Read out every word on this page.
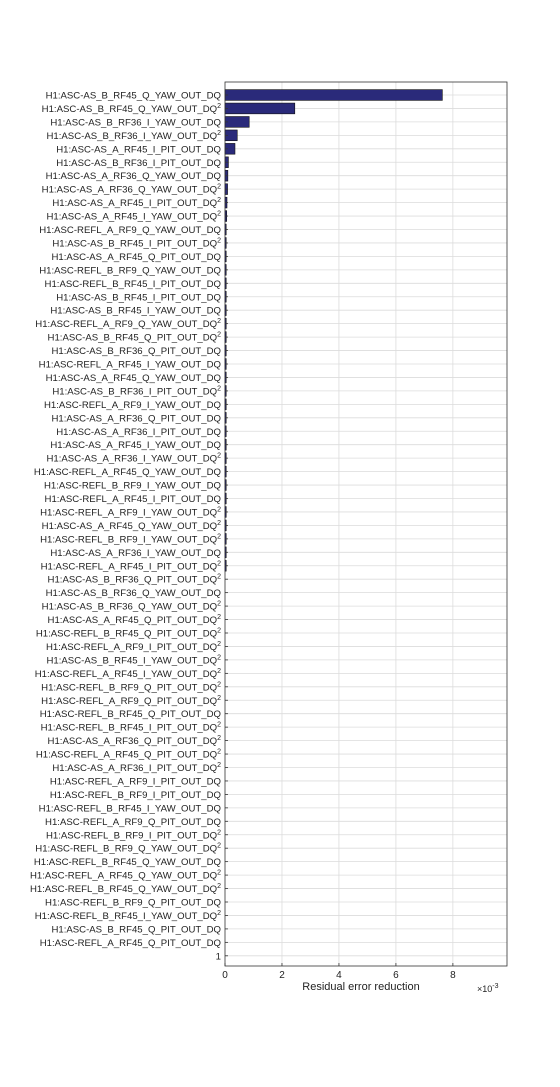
H1:ASC-AS_B_RF45_Q_YAW_OUT_DQ
$H1:ASC-AS\_B\_RF45\_Q\_YAW\_OUT\_DQ^2$
H1:ASC-AS_B_RF36_I_YAW_OUT_DQ
$H1:ASC-AS\_B\_RF36\_I\_YAW\_OUT\_DQ^2$
H1:ASC-AS_A_RF45_I_PIT_OUT_DQ
H1:ASC-AS_B_RF36_I_PIT_OUT_DQ
H1:ASC-AS_A_RF36_Q_YAW_OUT_DQ
$H1:ASC-AS\_A\_RF36\_Q\_YAW\_OUT\_DQ^2$
$H1:ASC-AS\_A\_RF45\_I\_PIT\_OUT\_DQ^2$
$H1:ASC-AS\_A\_RF45\_I\_YAW\_OUT\_DQ^2$
H1:ASC-REFL_A_RF9_Q_YAW_OUT_DQ
$H1:ASC-AS\_B\_RF45\_I\_PIT\_OUT\_DQ^2$
H1:ASC-AS_A_RF45_Q_PIT_OUT_DQ
H1:ASC-REFL_B_RF9_Q_YAW_OUT_DQ
H1:ASC-REFL_B_RF45_I_PIT_OUT_DQ
H1:ASC-AS_B_RF45_I_PIT_OUT_DQ
H1:ASC-AS_B_RF45_I_YAW_OUT_DQ
$H1:ASC-REFL\_A\_RF9\_Q\_YAW\_OUT\_DQ^2$
$H1:ASC-AS\_B\_RF45\_Q\_PIT\_OUT\_DQ^2$
H1:ASC-AS_B_RF36_Q_PIT_OUT_DQ
H1:ASC-REFL_A_RF45_I_YAW_OUT_DQ
H1:ASC-AS_A_RF45_Q_YAW_OUT_DQ
$H1:ASC-AS\_B\_RF36\_I\_PIT\_OUT\_DQ^2$
H1:ASC-REFL_A_RF9_I_YAW_OUT_DQ
H1:ASC-AS_A_RF36_Q_PIT_OUT_DQ
H1:ASC-AS_A_RF36_I_PIT_OUT_DQ
H1:ASC-AS_A_RF45_I_YAW_OUT_DQ
$H1:ASC-AS\_A\_RF36\_I\_YAW\_OUT\_DQ^2$
H1:ASC-REFL_A_RF45_Q_YAW_OUT_DQ
H1:ASC-REFL_B_RF9_I_YAW_OUT_DQ
H1:ASC-REFL_A_RF45_I_PIT_OUT_DQ
$H1:ASC-REFL\_A\_RF9\_I\_YAW\_OUT\_DQ^2$
$H1:ASC-AS\_A\_RF45\_Q\_YAW\_OUT\_DQ^2$
$H1:ASC-REFL\_B\_RF9\_I\_YAW\_OUT\_DQ^2$
H1:ASC-AS_A_RF36_I_YAW_OUT_DQ
$H1:ASC-REFL\_A\_RF45\_I\_PIT\_OUT\_DQ^2$
$H1:ASC-AS\_B\_RF36\_Q\_PIT\_OUT\_DQ^2$
H1:ASC-AS_B_RF36_Q_YAW_OUT_DQ
$H1:ASC-AS\_B\_RF36\_Q\_YAW\_OUT\_DQ^2$
$H1:ASC-AS\_A\_RF45\_Q\_PIT\_OUT\_DQ^2$
$H1:ASC-REFL\_B\_RF45\_Q\_PIT\_OUT\_DQ^2$
$H1:ASC-REFL\_A\_RF9\_I\_PIT\_OUT\_DQ^2$
$H1:ASC-AS\_B\_RF45\_I\_YAW\_OUT\_DQ^2$
$H1:ASC-REFL\_A\_RF45\_I\_YAW\_OUT\_DQ^2$
$H1:ASC-REFL\_B\_RF9\_Q\_PIT\_OUT\_DQ^2$
$H1:ASC-REFL\_A\_RF9\_Q\_PIT\_OUT\_DQ^2$
H1:ASC-REFL_B_RF45_Q_PIT_OUT_DQ
$H1:ASC-REFL\_B\_RF45\_I\_PIT\_OUT\_DQ^2$
$H1:ASC-AS\_A\_RF36\_Q\_PIT\_OUT\_DQ^2$
$H1:ASC-REFL\_A\_RF45\_Q\_PIT\_OUT\_DQ^2$
$H1:ASC-AS\_A\_RF36\_I\_PIT\_OUT\_DQ^2$
H1:ASC-REFL_A_RF9_I_PIT_OUT_DQ
H1:ASC-REFL_B_RF9_I_PIT_OUT_DQ
H1:ASC-REFL_B_RF45_I_YAW_OUT_DQ
H1:ASC-REFL_A_RF9_Q_PIT_OUT_DQ
$H1:ASC-REFL\_B\_RF9\_I\_PIT\_OUT\_DQ^2$
$H1:ASC-REFL\_B\_RF9\_Q\_YAW\_OUT\_DQ^2$
H1:ASC-REFL_B_RF45_Q_YAW_OUT_DQ
$H1:ASC-REFL\_A\_RF45\_Q\_YAW\_OUT\_DQ^2$
$H1:ASC-REFL\_B\_RF45\_Q\_YAW\_OUT\_DQ^2$
H1:ASC-REFL_B_RF9_Q_PIT_OUT_DQ
$H1:ASC-REFL\_B\_RF45\_I\_YAW\_OUT\_DQ^2$
H1:ASC-AS_B_RF45_Q_PIT_OUT_DQ
H1:ASC-REFL_A_RF45_Q_PIT_OUT_DQ
1
0	2	4	6	8
Residual error reduction	$\times 10^{-3}$
